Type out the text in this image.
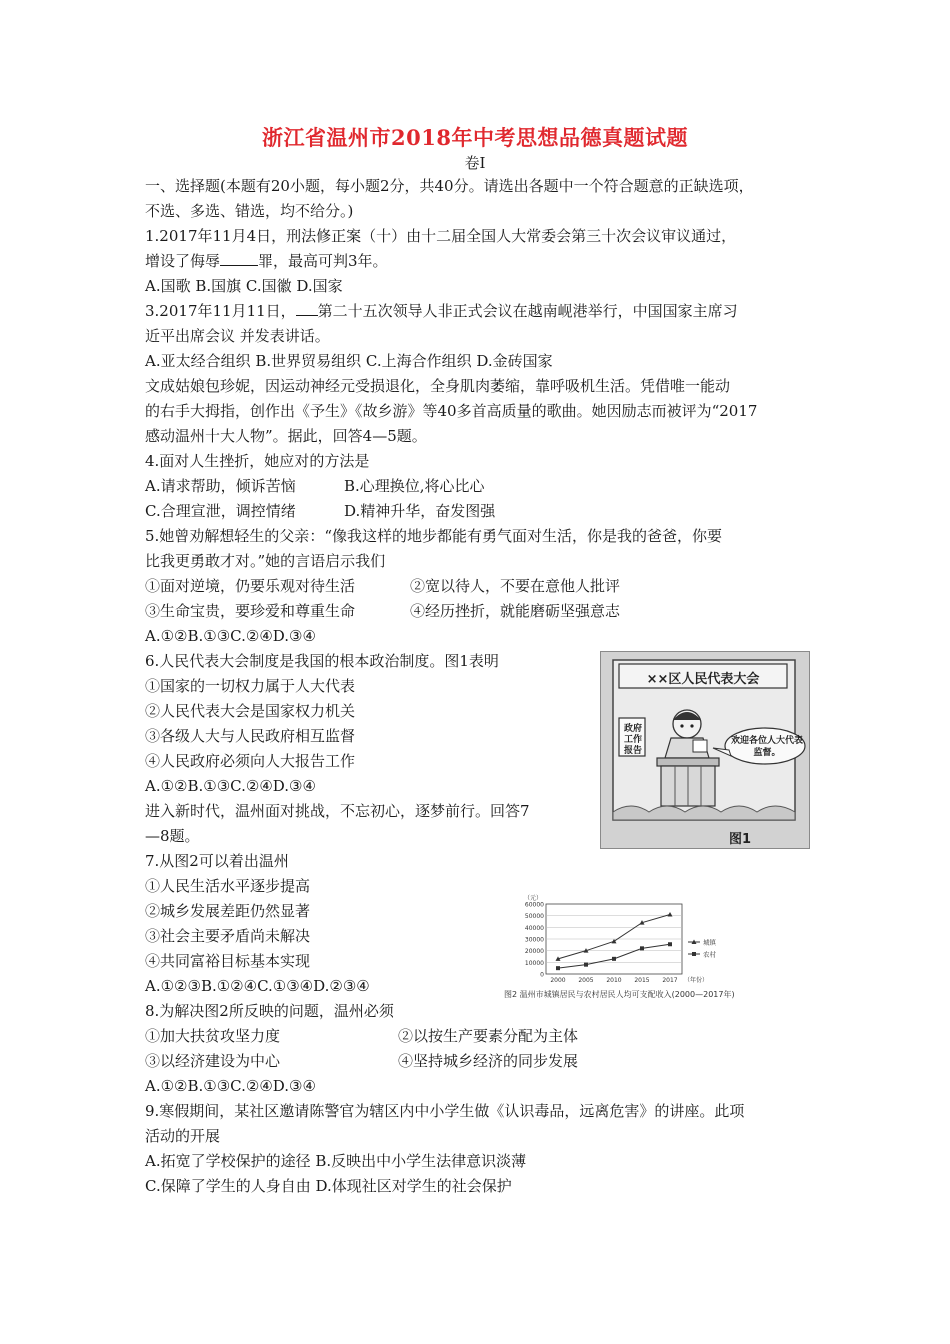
浙江省温州市2018年中考思想品德真题试题
卷Ⅰ
一、选择题(本题有20小题，每小题2分，共40分。请选出各题中一个符合题意的正缺选项，
不选、多选、错选，均不给分。)
1.2017年11月4日，刑法修正案（十）由十二届全国人大常委会第三十次会议审议通过，
增设了侮辱	罪，最高可判3年。
A.国歌 B.国旗 C.国徽 D.国家
3.2017年11月11日， 第二十五次领导人非正式会议在越南岘港举行，中国国家主席习
近平出席会议 并发表讲话。
A.亚太经合组织 B.世界贸易组织 C.上海合作组织 D.金砖国家
文成姑娘包珍妮，因运动神经元受损退化，全身肌肉萎缩，靠呼吸机生活。凭借唯一能动
的右手大拇指，创作出《予生》《故乡游》等40多首高质量的歌曲。她因励志而被评为“2017
感动温州十大人物”。据此，回答4—5题。
4.面对人生挫折，她应对的方法是
A.请求帮助，倾诉苦恼	B.心理换位,将心比心
C.合理宣泄，调控情绪	D.精神升华，奋发图强
5.她曾劝解想轻生的父亲：“像我这样的地步都能有勇气面对生活，你是我的爸爸，你要
比我更勇敢才对。”她的言语启示我们
①面对逆境，仍要乐观对待生活	②宽以待人，不要在意他人批评
③生命宝贵，要珍爱和尊重生命	④经历挫折，就能磨砺坚强意志
A.①②B.①③C.②④D.③④
6.人民代表大会制度是我国的根本政治制度。图1表明
①国家的一切权力属于人大代表
②人民代表大会是国家权力机关
③各级人大与人民政府相互监督
④人民政府必须向人大报告工作
A.①②B.①③C.②④D.③④
进入新时代，温州面对挑战，不忘初心，逐梦前行。回答7
—8题。
7.从图2可以着出温州
①人民生活水平逐步提高
②城乡发展差距仍然显著
③社会主要矛盾尚未解决
④共同富裕目标基本实现
A.①②③B.①②④C.①③④D.②③④
8.为解决图2所反映的问题，温州必须
①加大扶贫攻坚力度	②以按生产要素分配为主体
③以经济建设为中心	④坚持城乡经济的同步发展
A.①②B.①③C.②④D.③④
9.寒假期间，某社区邀请陈警官为辖区内中小学生做《认识毒品，远离危害》的讲座。此项
活动的开展
A.拓宽了学校保护的途径 B.反映出中小学生法律意识淡薄
C.保障了学生的人身自由 D.体现社区对学生的社会保护
××区人民代表大会
政府工作报告
欢迎各位人大代表监督。
图1
0
10000
20000
30000
40000
50000
60000
2000 2005 2010 2015 2017
（元）
（年份）
城镇
农村
图2 温州市城镇居民与农村居民人均可支配收入(2000—2017年)
